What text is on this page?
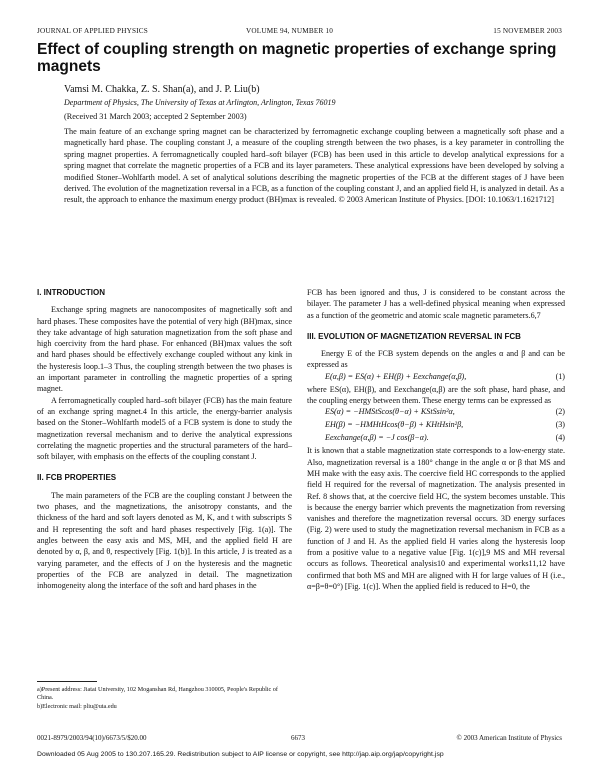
JOURNAL OF APPLIED PHYSICS	VOLUME 94, NUMBER 10	15 NOVEMBER 2003
Effect of coupling strength on magnetic properties of exchange spring magnets
Vamsi M. Chakka, Z. S. Shan(a), and J. P. Liu(b)
Department of Physics, The University of Texas at Arlington, Arlington, Texas 76019
(Received 31 March 2003; accepted 2 September 2003)
The main feature of an exchange spring magnet can be characterized by ferromagnetic exchange coupling between a magnetically soft phase and a magnetically hard phase. The coupling constant J, a measure of the coupling strength between the two phases, is a key parameter in controlling the spring magnet properties. A ferromagnetically coupled hard–soft bilayer (FCB) has been used in this article to develop analytical expressions for a spring magnet that correlate the magnetic properties of a FCB and its layer parameters. These analytical expressions have been developed by solving a modified Stoner–Wohlfarth model. A set of analytical solutions describing the magnetic properties of the FCB at the different stages of J have been derived. The evolution of the magnetization reversal in a FCB, as a function of the coupling constant J, and an applied field H, is analyzed in detail. As a result, the approach to enhance the maximum energy product (BH)max is revealed. © 2003 American Institute of Physics. [DOI: 10.1063/1.1621712]
I. INTRODUCTION

Exchange spring magnets are nanocomposites of magnetically soft and hard phases. These composites have the potential of very high (BH)max, since they take advantage of high saturation magnetization from the soft phase and high coercivity from the hard phase. For enhanced (BH)max values the soft and hard phases should be effectively exchange coupled without any kink in the hysteresis loop.1–3 Thus, the coupling strength between the two phases is an important parameter in controlling the magnetic properties of a spring magnet.

A ferromagnetically coupled hard–soft bilayer (FCB) has the main feature of an exchange spring magnet.4 In this article, the energy-barrier analysis based on the Stoner–Wohlfarth model5 of a FCB system is done to study the magnetization reversal mechanism and to derive the analytical expressions correlating the magnetic properties and the structural parameters of the hard–soft bilayer, with emphasis on the effects of the coupling constant J.

II. FCB PROPERTIES

The main parameters of the FCB are the coupling constant J between the two phases, and the magnetizations, the anisotropy constants, and the thickness of the hard and soft layers denoted as M, K, and t with subscripts S and H representing the soft and hard phases respectively [Fig. 1(a)]. The angles between the easy axis and MS, MH, and the applied field H are denoted by α, β, and θ, respectively [Fig. 1(b)]. In this article, J is treated as a varying parameter, and the effects of J on the hysteresis and the magnetic properties of the FCB are analyzed in detail. The magnetization inhomogeneity along the interface of the soft and hard phases in the

a)Present address: Jiatai University, 102 Moganshan Rd, Hangzhou 310005, People's Republic of China.
b)Electronic mail: pliu@uta.edu

FCB has been ignored and thus, J is considered to be constant across the bilayer. The parameter J has a well-defined physical meaning when expressed as a function of the geometric and atomic scale magnetic parameters.6,7

III. EVOLUTION OF MAGNETIZATION REVERSAL IN FCB

Energy E of the FCB system depends on the angles α and β and can be expressed as

E(α,β) = ES(α) + EH(β) + Eexchange(α,β),	(1)

where ES(α), EH(β), and Eexchange(α,β) are the soft phase, hard phase, and the coupling energy between them. These energy terms can be expressed as

ES(α) = −HMStScos(θ−α) + KStSsin²α,	(2)
EH(β) = −HMHtHcos(θ−β) + KHtHsin²β,	(3)
Eexchange(α,β) = −J cos(β−α).	(4)

It is known that a stable magnetization state corresponds to a low-energy state. Also, magnetization reversal is a 180° change in the angle α or β that MS and MH make with the easy axis. The coercive field HC corresponds to the applied field H required for the reversal of magnetization. The analysis presented in Ref. 8 shows that, at the coercive field HC, the system becomes unstable. This is because the energy barrier which prevents the magnetization from reversing vanishes and therefore the magnetization reversal occurs. 3D energy surfaces (Fig. 2) were used to study the magnetization reversal mechanism in FCB as a function of J and H. As the applied field H varies along the hysteresis loop from a positive value to a negative value [Fig. 1(c)],9 MS and MH reversal occurs as follows. Theoretical analysis10 and experimental works11,12 have confirmed that both MS and MH are aligned with H for large values of H (i.e., α=β=θ=0°) [Fig. 1(c)]. When the applied field is reduced to H=0, the

0021-8979/2003/94(10)/6673/5/$20.00	6673	© 2003 American Institute of Physics
Downloaded 05 Aug 2005 to 130.207.165.29. Redistribution subject to AIP license or copyright, see http://jap.aip.org/jap/copyright.jsp
